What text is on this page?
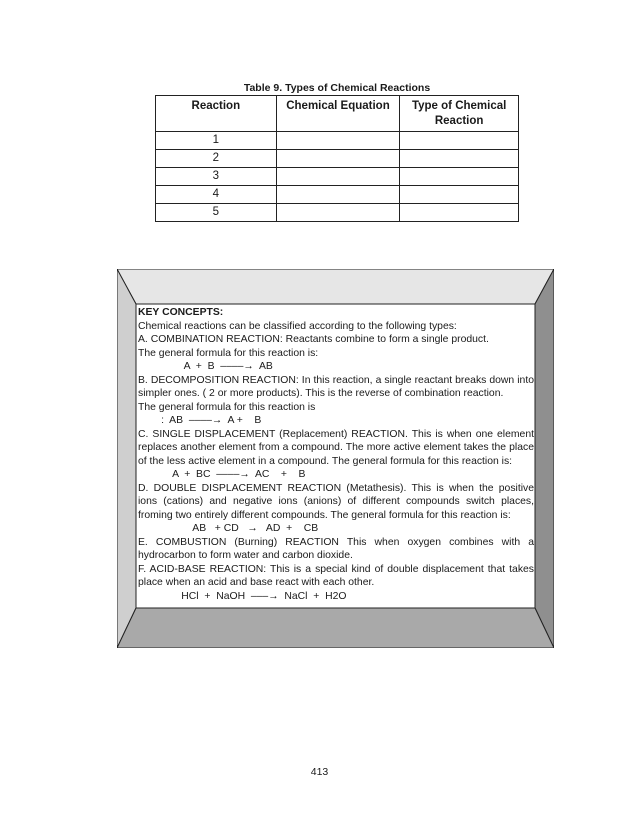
Table 9. Types of Chemical Reactions
Reaction	Chemical Equation	Type of Chemical Reaction
1		
2		
3		
4		
5		
KEY CONCEPTS:
Chemical reactions can be classified according to the following types:
A. COMBINATION REACTION: Reactants combine to form a single product.
The general formula for this reaction is:
A  +  B  ––––→  AB
B. DECOMPOSITION REACTION: In this reaction, a single reactant breaks down into simpler ones. ( 2 or more products). This is the reverse of combination reaction.
The general formula for this reaction is
:  AB  ––––→  A +    B
C. SINGLE DISPLACEMENT (Replacement) REACTION. This is when one element replaces another element from a compound. The more active element takes the place of the less active element in a compound. The general formula for this reaction is:
A  +  BC  ––––→  AC    +    B
D. DOUBLE DISPLACEMENT REACTION (Metathesis). This is when the positive ions (cations) and negative ions (anions) of different compounds switch places, froming two entirely different compounds. The general formula for this reaction is:
AB   + CD   →   AD  +    CB
E. COMBUSTION (Burning) REACTION This when oxygen combines with a hydrocarbon to form water and carbon dioxide.
F. ACID-BASE REACTION: This is a special kind of double displacement that takes place when an acid and base react with each other.
HCl  +  NaOH  –––→  NaCl  +  H2O
413
